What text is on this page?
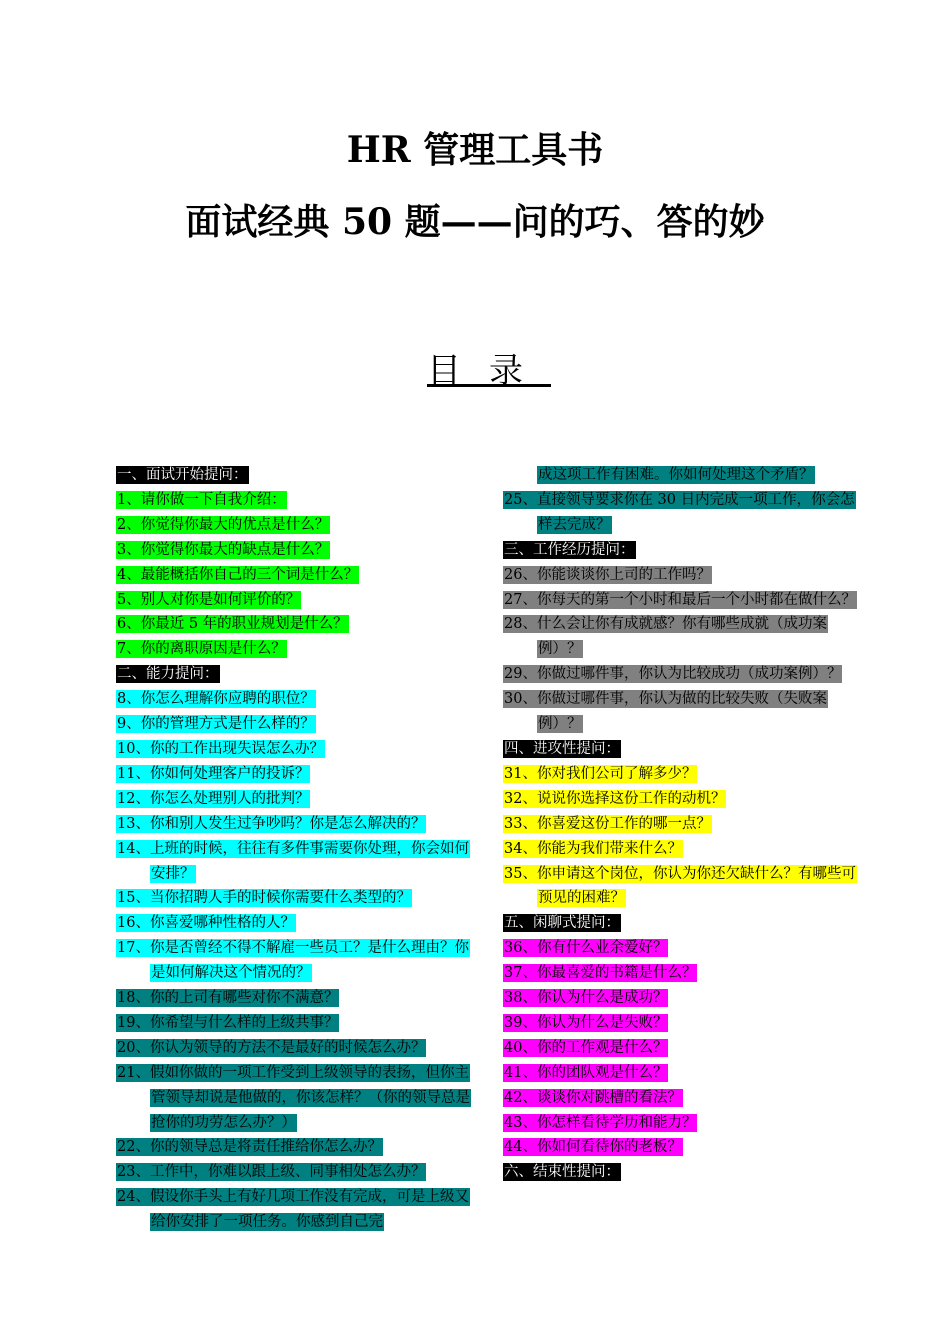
HR 管理工具书
面试经典 50 题——问的巧、答的妙
目录
一、面试开始提问：
1、请你做一下自我介绍：
2、你觉得你最大的优点是什么？
3、你觉得你最大的缺点是什么？
4、最能概括你自己的三个词是什么？
5、别人对你是如何评价的？
6、你最近 5 年的职业规划是什么？
7、你的离职原因是什么？
二、能力提问：
8、你怎么理解你应聘的职位？
9、你的管理方式是什么样的？
10、你的工作出现失误怎么办？
11、你如何处理客户的投诉？
12、你怎么处理别人的批判？
13、你和别人发生过争吵吗？你是怎么解决的？
14、上班的时候，往往有多件事需要你处理，你会如何安排？
15、当你招聘人手的时候你需要什么类型的？
16、你喜爱哪种性格的人？
17、你是否曾经不得不解雇一些员工？是什么理由？你是如何解决这个情况的？
18、你的上司有哪些对你不满意？
19、你希望与什么样的上级共事？
20、你认为领导的方法不是最好的时候怎么办？
21、假如你做的一项工作受到上级领导的表扬，但你主管领导却说是他做的，你该怎样？（你的领导总是抢你的功劳怎么办？）
22、你的领导总是将责任推给你怎么办？
23、工作中，你难以跟上级、同事相处怎么办？
24、假设你手头上有好几项工作没有完成，可是上级又给你安排了一项任务。你感到自己完
成这项工作有困难。你如何处理这个矛盾？
25、直接领导要求你在 30 日内完成一项工作，你会怎样去完成？
三、工作经历提问：
26、你能谈谈你上司的工作吗？
27、你每天的第一个小时和最后一个小时都在做什么？
28、什么会让你有成就感？你有哪些成就（成功案例）？
29、你做过哪件事，你认为比较成功（成功案例）？
30、你做过哪件事，你认为做的比较失败（失败案例）？
四、进攻性提问：
31、你对我们公司了解多少？
32、说说你选择这份工作的动机？
33、你喜爱这份工作的哪一点？
34、你能为我们带来什么？
35、你申请这个岗位，你认为你还欠缺什么？有哪些可预见的困难？
五、闲聊式提问：
36、你有什么业余爱好？
37、你最喜爱的书籍是什么？
38、你认为什么是成功？
39、你认为什么是失败？
40、你的工作观是什么？
41、你的团队观是什么？
42、谈谈你对跳槽的看法？
43、你怎样看待学历和能力？
44、你如何看待你的老板？
六、结束性提问：
